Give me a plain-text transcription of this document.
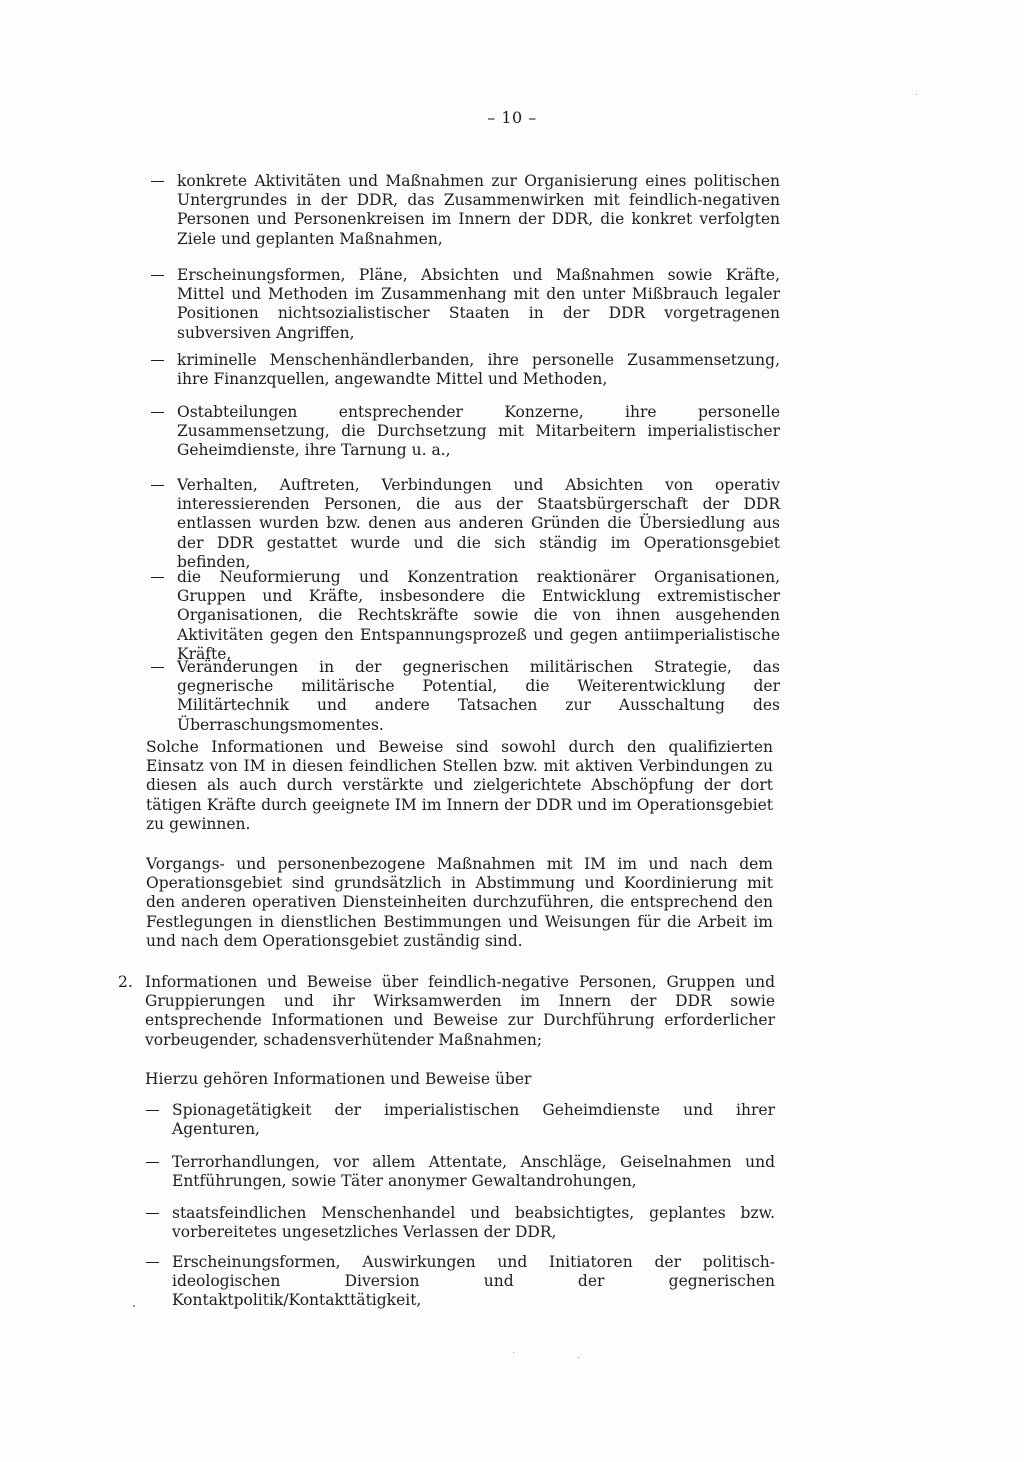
– 10 –
konkrete Aktivitäten und Maßnahmen zur Organisierung eines politischen Untergrundes in der DDR, das Zusammenwirken mit feindlich-negativen Personen und Personenkreisen im Innern der DDR, die konkret verfolgten Ziele und geplanten Maßnahmen,
Erscheinungsformen, Pläne, Absichten und Maßnahmen sowie Kräfte, Mittel und Methoden im Zusammenhang mit den unter Mißbrauch legaler Positionen nichtsozialistischer Staaten in der DDR vorgetragenen subversiven Angriffen,
kriminelle Menschenhändlerbanden, ihre personelle Zusammensetzung, ihre Finanzquellen, angewandte Mittel und Methoden,
Ostabteilungen entsprechender Konzerne, ihre personelle Zusammensetzung, die Durchsetzung mit Mitarbeitern imperialistischer Geheimdienste, ihre Tarnung u. a.,
Verhalten, Auftreten, Verbindungen und Absichten von operativ interessierenden Personen, die aus der Staatsbürgerschaft der DDR entlassen wurden bzw. denen aus anderen Gründen die Übersiedlung aus der DDR gestattet wurde und die sich ständig im Operationsgebiet befinden,
die Neuformierung und Konzentration reaktionärer Organisationen, Gruppen und Kräfte, insbesondere die Entwicklung extremistischer Organisationen, die Rechtskräfte sowie die von ihnen ausgehenden Aktivitäten gegen den Entspannungsprozeß und gegen antiimperialistische Kräfte,
Veränderungen in der gegnerischen militärischen Strategie, das gegnerische militärische Potential, die Weiterentwicklung der Militärtechnik und andere Tatsachen zur Ausschaltung des Überraschungsmomentes.
Solche Informationen und Beweise sind sowohl durch den qualifizierten Einsatz von IM in diesen feindlichen Stellen bzw. mit aktiven Verbindungen zu diesen als auch durch verstärkte und zielgerichtete Abschöpfung der dort tätigen Kräfte durch geeignete IM im Innern der DDR und im Operationsgebiet zu gewinnen.
Vorgangs- und personenbezogene Maßnahmen mit IM im und nach dem Operationsgebiet sind grundsätzlich in Abstimmung und Koordinierung mit den anderen operativen Diensteinheiten durchzuführen, die entsprechend den Festlegungen in dienstlichen Bestimmungen und Weisungen für die Arbeit im und nach dem Operationsgebiet zuständig sind.
2. Informationen und Beweise über feindlich-negative Personen, Gruppen und Gruppierungen und ihr Wirksamwerden im Innern der DDR sowie entsprechende Informationen und Beweise zur Durchführung erforderlicher vorbeugender, schadensverhütender Maßnahmen;
Hierzu gehören Informationen und Beweise über
Spionagetätigkeit der imperialistischen Geheimdienste und ihrer Agenturen,
Terrorhandlungen, vor allem Attentate, Anschläge, Geiselnahmen und Entführungen, sowie Täter anonymer Gewaltandrohungen,
staatsfeindlichen Menschenhandel und beabsichtigtes, geplantes bzw. vorbereitetes ungesetzliches Verlassen der DDR,
Erscheinungsformen, Auswirkungen und Initiatoren der politisch-ideologischen Diversion und der gegnerischen Kontaktpolitik/Kontakttätigkeit,
